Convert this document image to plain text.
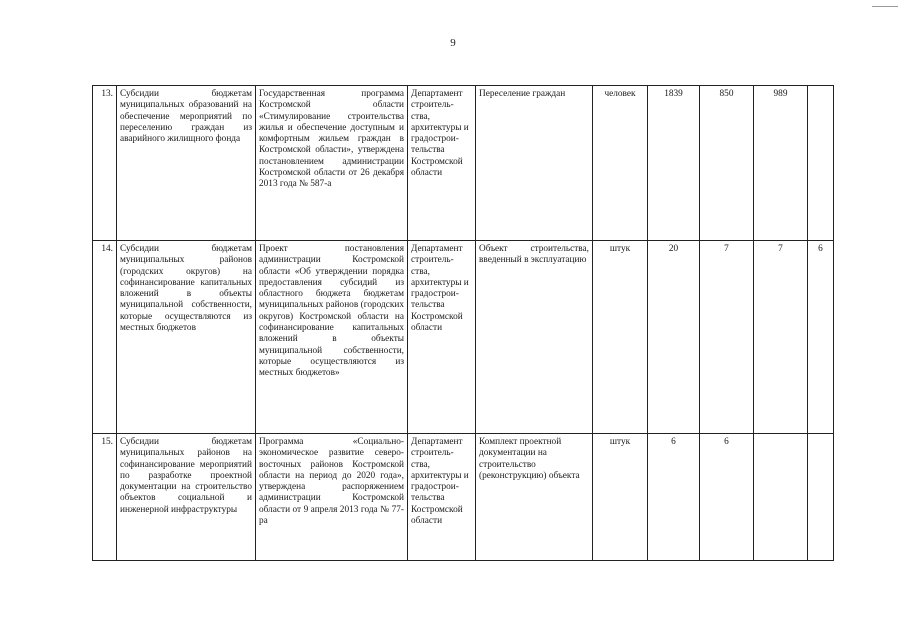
9
13.	Субсидии бюджетам муниципальных образований на обеспечение мероприятий по переселению граждан из аварийного жилищного фонда	Государственная программа Костромской области «Стимулирование строительства жилья и обеспечение доступным и комфортным жильем граждан в Костромской области», утверждена постановлением администрации Костромской области от 26 декабря 2013 года № 587-а	Департамент строитель-ства, архитектуры и градострои-тельства Костромской области	Переселение граждан	человек	1839	850	989	
14.	Субсидии бюджетам муниципальных районов (городских округов) на софинансирование капитальных вложений в объекты муниципальной собственности, которые осуществляются из местных бюджетов	Проект постановления администрации Костромской области «Об утверждении порядка предоставления субсидий из областного бюджета бюджетам муниципальных районов (городских округов) Костромской области на софинансирование капитальных вложений в объекты муниципальной собственности, которые осуществляются из местных бюджетов»	Департамент строитель-ства, архитектуры и градострои-тельства Костромской области	Объект строительства, введенный в эксплуатацию	штук	20	7	7	6
15.	Субсидии бюджетам муниципальных районов на софинансирование мероприятий по разработке проектной документации на строительство объектов социальной и инженерной инфраструктуры	Программа «Социально-экономическое развитие северо-восточных районов Костромской области на период до 2020 года», утверждена распоряжением администрации Костромской области от 9 апреля 2013 года № 77-ра	Департамент строитель-ства, архитектуры и градострои-тельства Костромской области	Комплект проектной документации на строительство (реконструкцию) объекта	штук	6	6		
